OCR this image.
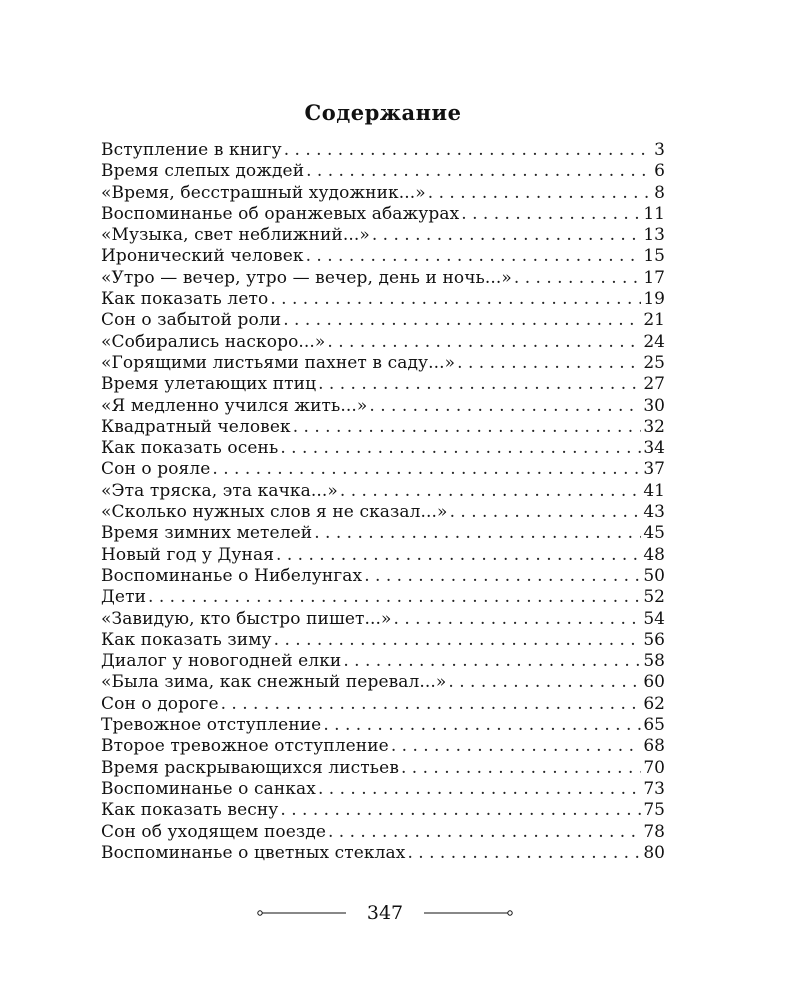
Содержание
Вступление в книгу . . .	3
Время слепых дождей . . .	6
«Время, бесстрашный художник...» . . .	8
Воспоминанье об оранжевых абажурах . . .	11
«Музыка, свет неближний...» . . .	13
Иронический человек . . .	15
«Утро — вечер, утро — вечер, день и ночь...» . . .	17
Как показать лето . . .	19
Сон о забытой роли . . .	21
«Собирались наскоро...» . . .	24
«Горящими листьями пахнет в саду...» . . .	25
Время улетающих птиц . . .	27
«Я медленно учился жить...» . . .	30
Квадратный человек . . .	32
Как показать осень . . .	34
Сон о рояле . . .	37
«Эта тряска, эта качка...» . . .	41
«Сколько нужных слов я не сказал...» . . .	43
Время зимних метелей . . .	45
Новый год у Дуная . . .	48
Воспоминанье о Нибелунгах . . .	50
Дети . . .	52
«Завидую, кто быстро пишет...» . . .	54
Как показать зиму . . .	56
Диалог у новогодней елки . . .	58
«Была зима, как снежный перевал...» . . .	60
Сон о дороге . . .	62
Тревожное отступление . . .	65
Второе тревожное отступление . . .	68
Время раскрывающихся листьев . . .	70
Воспоминанье о санках . . .	73
Как показать весну . . .	75
Сон об уходящем поезде . . .	78
Воспоминанье о цветных стеклах . . .	80
347
